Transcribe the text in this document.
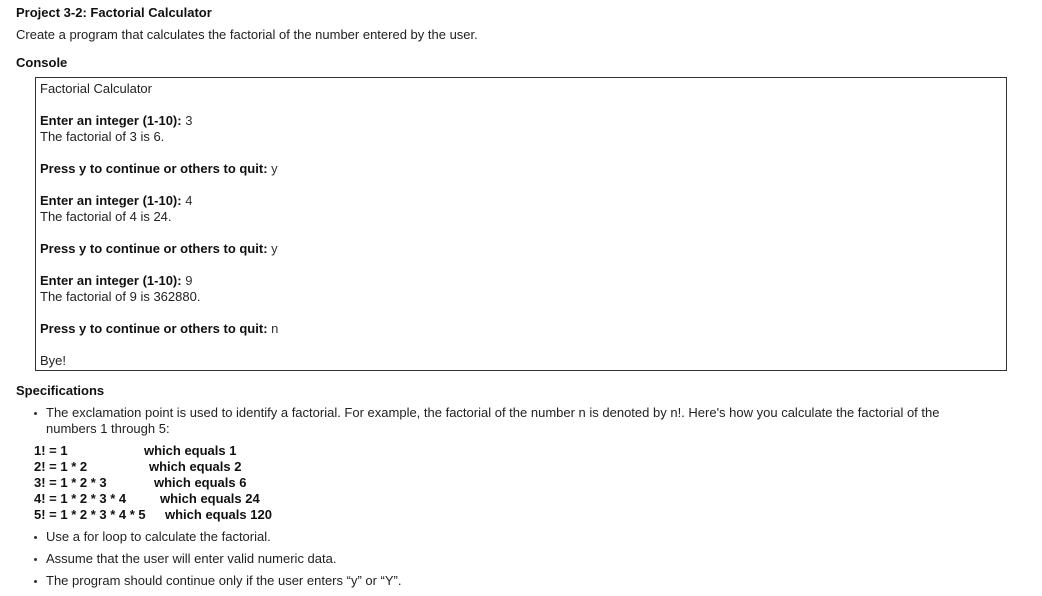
Project 3-2: Factorial Calculator
Create a program that calculates the factorial of the number entered by the user.
Console
Factorial Calculator
Enter an integer (1-10): 3
The factorial of 3 is 6.
Press y to continue or others to quit: y
Enter an integer (1-10): 4
The factorial of 4 is 24.
Press y to continue or others to quit: y
Enter an integer (1-10): 9
The factorial of 9 is 362880.
Press y to continue or others to quit: n
Bye!
Specifications
The exclamation point is used to identify a factorial. For example, the factorial of the number n is denoted by n!. Here's how you calculate the factorial of the
numbers 1 through 5:
1! = 1	which equals 1
2! = 1 * 2	which equals 2
3! = 1 * 2 * 3	which equals 6
4! = 1 * 2 * 3 * 4	which equals 24
5! = 1 * 2 * 3 * 4 * 5 which equals 120
Use a for loop to calculate the factorial.
Assume that the user will enter valid numeric data.
The program should continue only if the user enters “y” or “Y”.
